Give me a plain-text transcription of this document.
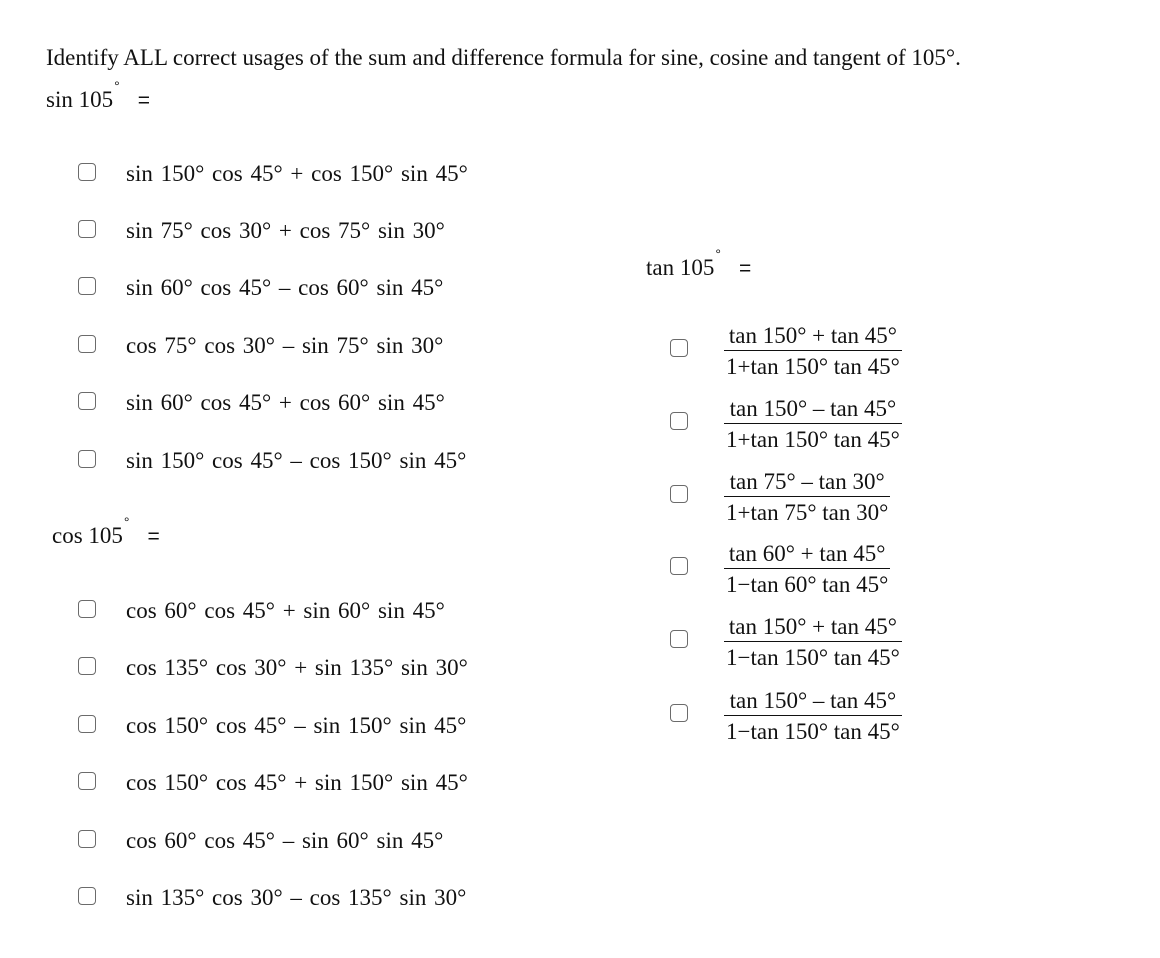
Identify ALL correct usages of the sum and difference formula for sine, cosine and tangent of 105°.
sin 105°=
sin 150° cos 45° + cos 150° sin 45°
sin 75° cos 30° + cos 75° sin 30°
sin 60° cos 45° – cos 60° sin 45°
cos 75° cos 30° – sin 75° sin 30°
sin 60° cos 45° + cos 60° sin 45°
sin 150° cos 45° – cos 150° sin 45°
cos 105°=
cos 60° cos 45° + sin 60° sin 45°
cos 135° cos 30° + sin 135° sin 30°
cos 150° cos 45° – sin 150° sin 45°
cos 150° cos 45° + sin 150° sin 45°
cos 60° cos 45° – sin 60° sin 45°
sin 135° cos 30° – cos 135° sin 30°
tan 105°=
tan 150° + tan 45°
1+tan 150° tan 45°
tan 150° – tan 45°
1+tan 150° tan 45°
tan 75° – tan 30°
1+tan 75° tan 30°
tan 60° + tan 45°
1−tan 60° tan 45°
tan 150° + tan 45°
1−tan 150° tan 45°
tan 150° – tan 45°
1−tan 150° tan 45°
